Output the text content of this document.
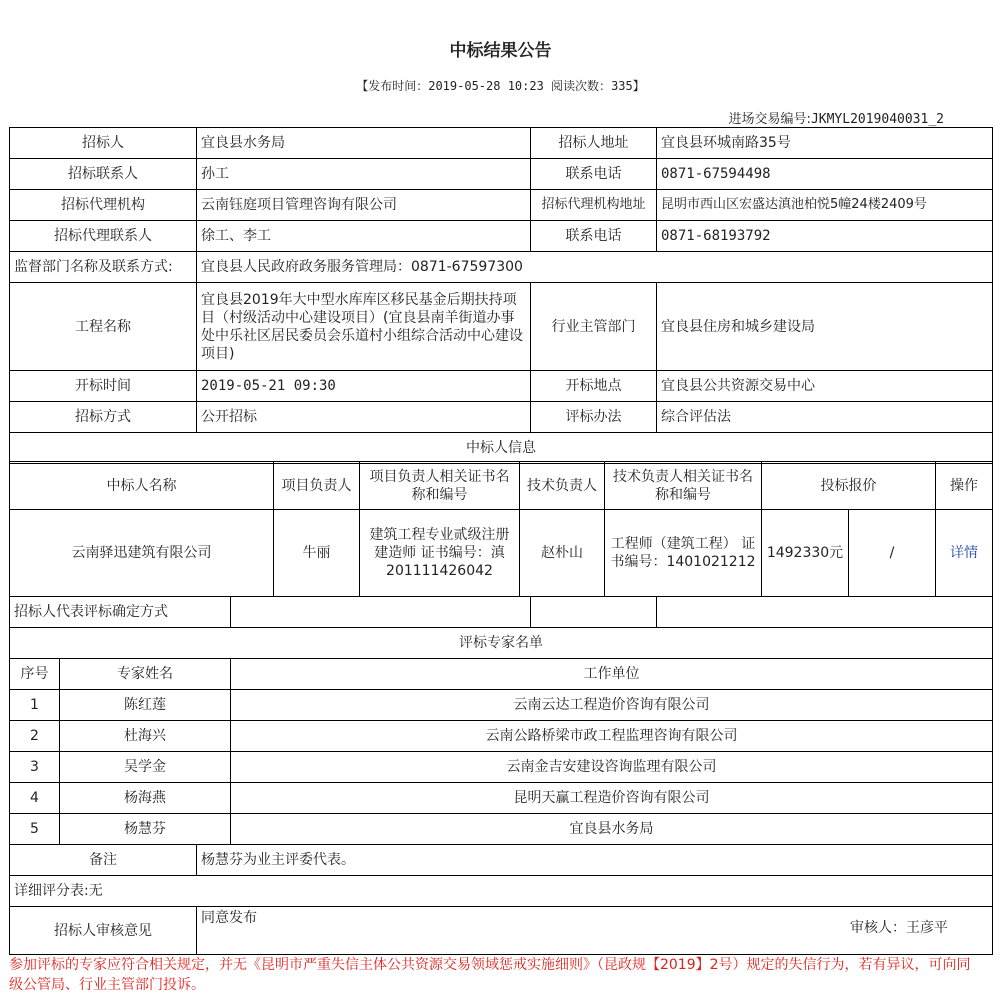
中标结果公告
【发布时间：2019-05-28 10:23 阅读次数：335】
进场交易编号:JKMYL2019040031_2
招标人	宜良县水务局	招标人地址	宜良县环城南路35号
招标联系人	孙工	联系电话	0871-67594498
招标代理机构	云南钰庭项目管理咨询有限公司	招标代理机构地址	昆明市西山区宏盛达滇池柏悦5幢24楼2409号
招标代理联系人	徐工、李工	联系电话	0871-68193792
监督部门名称及联系方式:	宜良县人民政府政务服务管理局：0871-67597300		
工程名称	宜良县2019年大中型水库库区移民基金后期扶持项目（村级活动中心建设项目）(宜良县南羊街道办事处中乐社区居民委员会乐道村小组综合活动中心建设项目)	行业主管部门	宜良县住房和城乡建设局
开标时间	2019-05-21 09:30	开标地点	宜良县公共资源交易中心
招标方式	公开招标	评标办法	综合评估法
中标人信息			
中标人名称	项目负责人	项目负责人相关证书名称和编号	技术负责人	技术负责人相关证书名称和编号	投标报价		操作
云南驿迅建筑有限公司	牛丽	建筑工程专业贰级注册建造师 证书编号：滇201111426042	赵朴山	工程师（建筑工程） 证书编号：1401021212	1492330元	/	详情
招标人代表评标确定方式				
评标专家名单				
序号	专家姓名	工作单位		
1	陈红莲	云南云达工程造价咨询有限公司		
2	杜海兴	云南公路桥梁市政工程监理咨询有限公司		
3	吴学金	云南金吉安建设咨询监理有限公司		
4	杨海燕	昆明天赢工程造价咨询有限公司		
5	杨慧芬	宜良县水务局		
备注	杨慧芬为业主评委代表。
详细评分表:无	
招标人审核意见	同意发布
审核人：王彦平
参加评标的专家应符合相关规定，并无《昆明市严重失信主体公共资源交易领域惩戒实施细则》（昆政规【2019】2号）规定的失信行为，若有异议，可向同级公管局、行业主管部门投诉。
